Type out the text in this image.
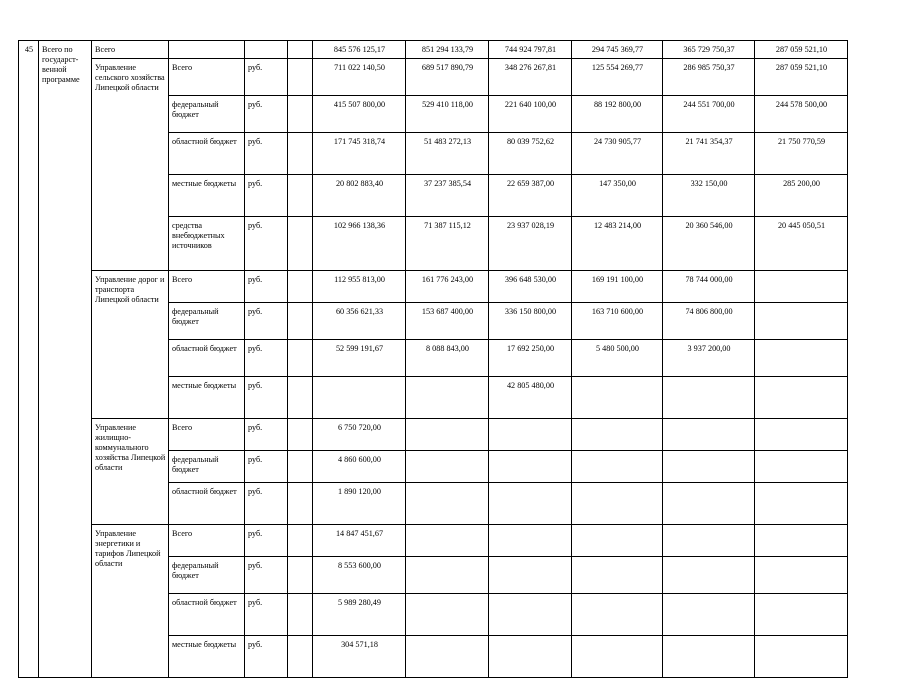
45	Всего по государст-венной программе	Всего				845 576 125,17	851 294 133,79	744 924 797,81	294 745 369,77	365 729 750,37	287 059 521,10
		Управление сельского хозяйства Липецкой области	Всего	руб.		711 022 140,50	689 517 890,79	348 276 267,81	125 554 269,77	286 985 750,37	287 059 521,10
			федеральный бюджет	руб.		415 507 800,00	529 410 118,00	221 640 100,00	88 192 800,00	244 551 700,00	244 578 500,00
			областной бюджет	руб.		171 745 318,74	51 483 272,13	80 039 752,62	24 730 905,77	21 741 354,37	21 750 770,59
			местные бюджеты	руб.		20 802 883,40	37 237 385,54	22 659 387,00	147 350,00	332 150,00	285 200,00
			средства внебюджетных источников	руб.		102 966 138,36	71 387 115,12	23 937 028,19	12 483 214,00	20 360 546,00	20 445 050,51
		Управление дорог и транспорта Липецкой области	Всего	руб.		112 955 813,00	161 776 243,00	396 648 530,00	169 191 100,00	78 744 000,00	
			федеральный бюджет	руб.		60 356 621,33	153 687 400,00	336 150 800,00	163 710 600,00	74 806 800,00	
			областной бюджет	руб.		52 599 191,67	8 088 843,00	17 692 250,00	5 480 500,00	3 937 200,00	
			местные бюджеты	руб.				42 805 480,00			
		Управление жилищно-коммунального хозяйства Липецкой области	Всего	руб.		6 750 720,00					
			федеральный бюджет	руб.		4 860 600,00					
			областной бюджет	руб.		1 890 120,00					
		Управление энергетики и тарифов Липецкой области	Всего	руб.		14 847 451,67					
			федеральный бюджет	руб.		8 553 600,00					
			областной бюджет	руб.		5 989 280,49					
			местные бюджеты	руб.		304 571,18					
